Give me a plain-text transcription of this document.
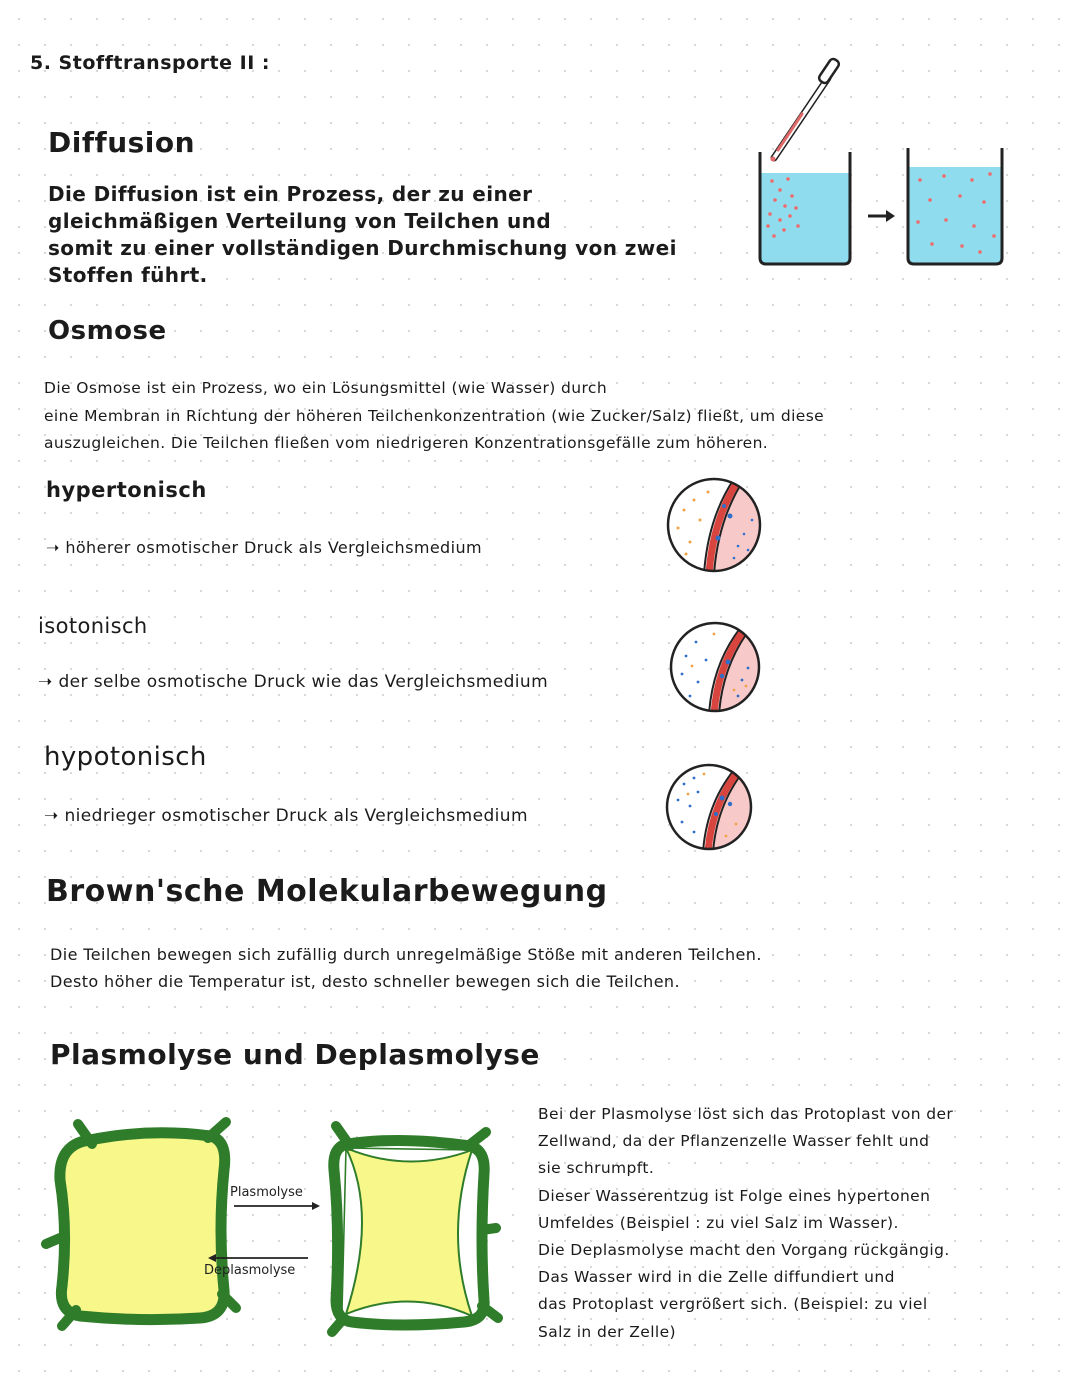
5. Stofftransporte II :
Diffusion
Die Diffusion ist ein Prozess, der zu einer
gleichmäßigen Verteilung von Teilchen und
somit zu einer vollständigen Durchmischung von zwei
Stoffen führt.
Osmose
Die Osmose ist ein Prozess, wo ein Lösungsmittel (wie Wasser) durch
eine Membran in Richtung der höheren Teilchenkonzentration (wie Zucker/Salz) fließt, um diese
auszugleichen. Die Teilchen fließen vom niedrigeren Konzentrationsgefälle zum höheren.
hypertonisch
➝ höherer osmotischer Druck als Vergleichsmedium
isotonisch
➝ der selbe osmotische Druck wie das Vergleichsmedium
hypotonisch
➝ niedrieger osmotischer Druck als Vergleichsmedium
Brown'sche Molekularbewegung
Die Teilchen bewegen sich zufällig durch unregelmäßige Stöße mit anderen Teilchen.
Desto höher die Temperatur ist, desto schneller bewegen sich die Teilchen.
Plasmolyse und Deplasmolyse
Plasmolyse
Deplasmolyse
Bei der Plasmolyse löst sich das Protoplast von der
Zellwand, da der Pflanzenzelle Wasser fehlt und
sie schrumpft.
Dieser Wasserentzug ist Folge eines hypertonen
Umfeldes (Beispiel : zu viel Salz im Wasser).
Die Deplasmolyse macht den Vorgang rückgängig.
Das Wasser wird in die Zelle diffundiert und
das Protoplast vergrößert sich. (Beispiel: zu viel
Salz in der Zelle)
